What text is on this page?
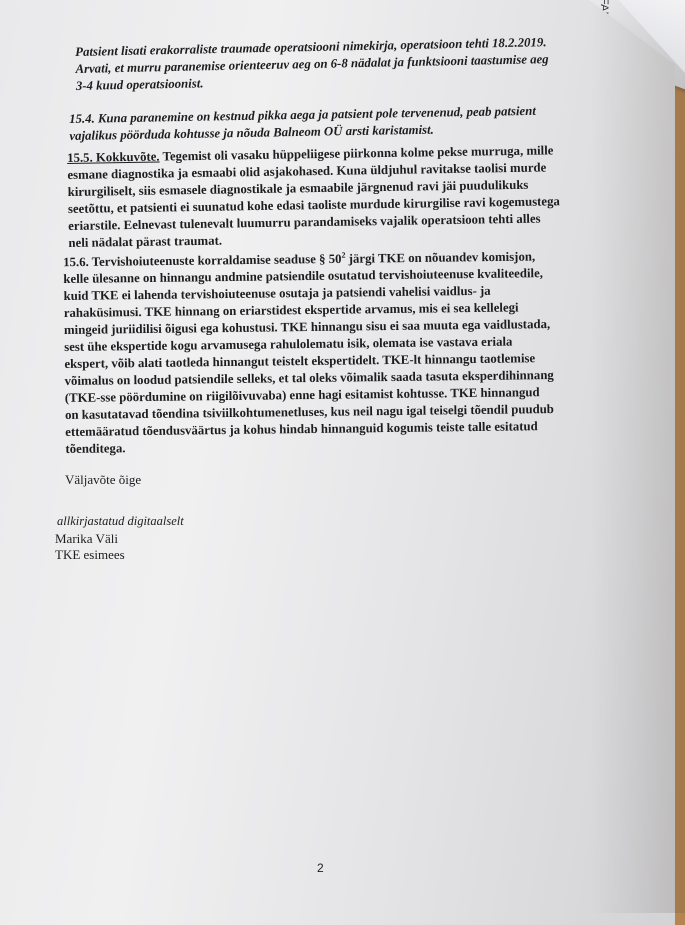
Patsient lisati erakorraliste traumade operatsiooni nimekirja, operatsioon tehti 18.2.2019.
Arvati, et murru paranemise orienteeruv aeg on 6-8 nädalat ja funktsiooni taastumise aeg
3-4 kuud operatsioonist.
15.4. Kuna paranemine on kestnud pikka aega ja patsient pole tervenenud, peab patsient
vajalikus pöörduda kohtusse ja nõuda Balneom OÜ arsti karistamist.
15.5. Kokkuvõte. Tegemist oli vasaku hüppeliigese piirkonna kolme pekse murruga, mille
esmane diagnostika ja esmaabi olid asjakohased. Kuna üldjuhul ravitakse taolisi murde
kirurgiliselt, siis esmasele diagnostikale ja esmaabile järgnenud ravi jäi puudulikuks
seetõttu, et patsienti ei suunatud kohe edasi taoliste murdude kirurgilise ravi kogemustega
eriarstile. Eelnevast tulenevalt luumurru parandamiseks vajalik operatsioon tehti alles
neli nädalat pärast traumat.
15.6. Tervishoiuteenuste korraldamise seaduse § $50^2$ järgi TKE on nõuandev komisjon,
kelle ülesanne on hinnangu andmine patsiendile osutatud tervishoiuteenuse kvaliteedile,
kuid TKE ei lahenda tervishoiuteenuse osutaja ja patsiendi vahelisi vaidlus- ja
rahaküsimusi. TKE hinnang on eriarstidest ekspertide arvamus, mis ei sea kellelegi
mingeid juriidilisi õigusi ega kohustusi. TKE hinnangu sisu ei saa muuta ega vaidlustada,
sest ühe ekspertide kogu arvamusega rahulolematu isik, olemata ise vastava eriala
ekspert, võib alati taotleda hinnangut teistelt ekspertidelt. TKE-lt hinnangu taotlemise
võimalus on loodud patsiendile selleks, et tal oleks võimalik saada tasuta eksperdihinnang
(TKE-sse pöördumine on riigilõivuvaba) enne hagi esitamist kohtusse. TKE hinnangud
on kasutatavad tõendina tsiviilkohtumenetluses, kus neil nagu igal teiselgi tõendil puudub
ettemääratud tõendusväärtus ja kohus hindab hinnanguid kogumis teiste talle esitatud
tõenditega.
Väljavõte õige
allkirjastatud digitaalselt
Marika Väli
TKE esimees
2
